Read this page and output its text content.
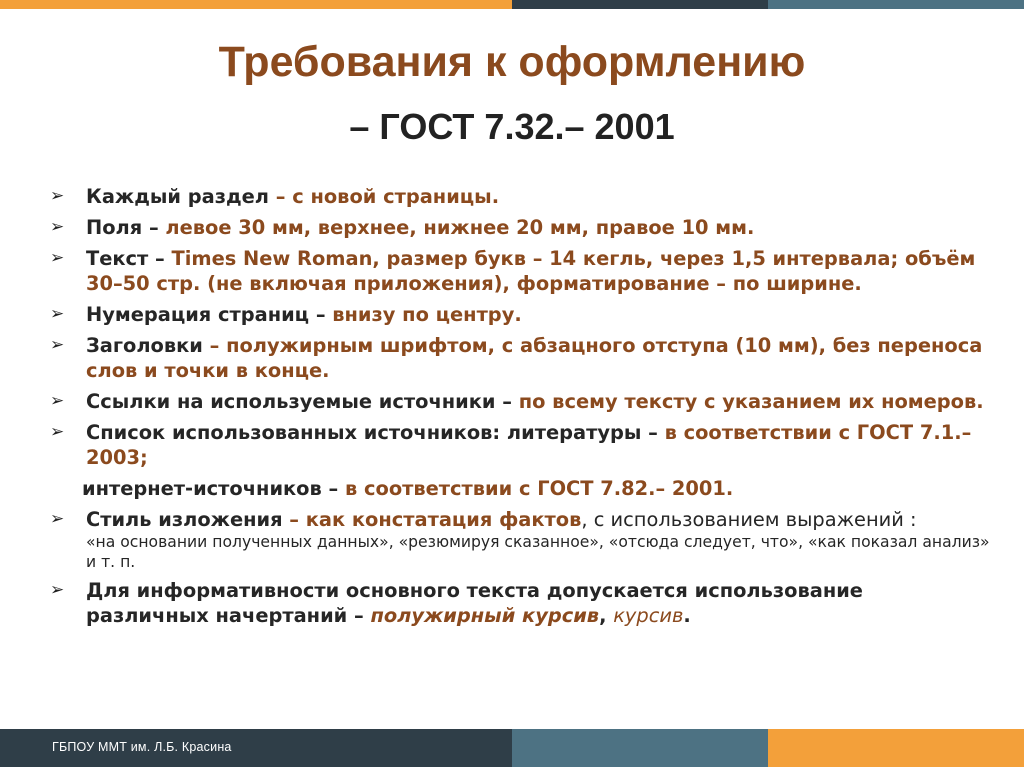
Требования к оформлению
– ГОСТ 7.32.– 2001
➢	Каждый раздел – с новой страницы.
➢	Поля – левое 30 мм, верхнее, нижнее 20 мм, правое 10 мм.
➢	Текст – Times New Roman, размер букв – 14 кегль, через 1,5 интервала; объём 30–50 стр. (не включая приложения), форматирование – по ширине.
➢	Нумерация страниц – внизу по центру.
➢	Заголовки – полужирным шрифтом, с абзацного отступа (10 мм), без переноса слов и точки в конце.
➢	Ссылки на используемые источники – по всему тексту с указанием их номеров.
➢	Список использованных источников: литературы – в соответствии с ГОСТ 7.1.– 2003;
интернет-источников – в соответствии с ГОСТ 7.82.– 2001.
➢	Стиль изложения – как констатация фактов, с использованием выражений :
«на основании полученных данных», «резюмируя сказанное», «отсюда следует, что», «как показал анализ» и т. п.
➢	Для информативности основного текста допускается использование различных начертаний – полужирный курсив, курсив.
ГБПОУ ММТ им. Л.Б. Красина
